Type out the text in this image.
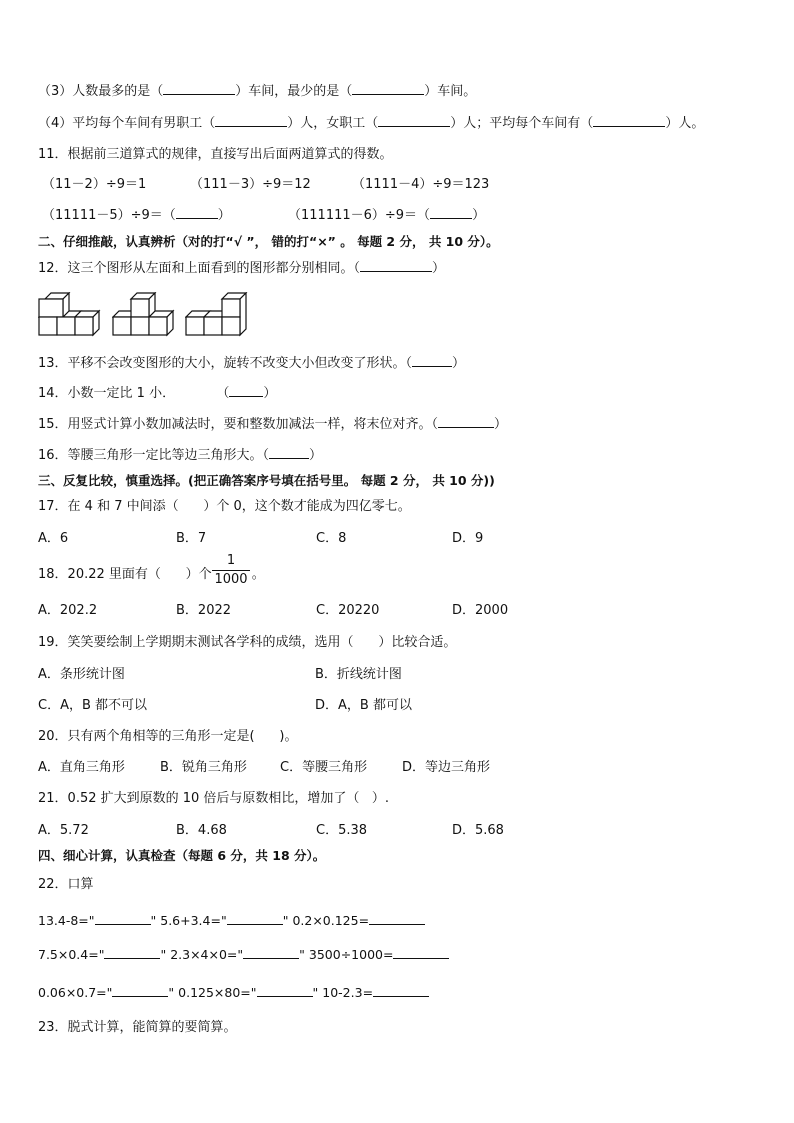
（3）人数最多的是（	）车间，最少的是（	）车间。
（4）平均每个车间有男职工（	）人，女职工（	）人；平均每个车间有（	）人。
11．根据前三道算式的规律，直接写出后面两道算式的得数。
（11－2）÷9＝1	（111－3）÷9＝12	（1111－4）÷9＝123
（11111－5）÷9＝（	）	（111111－6）÷9＝（	）
二、仔细推敲，认真辨析（对的打“√ ”， 错的打“×” 。 每题 2 分， 共 10 分）。
12．这三个图形从左面和上面看到的图形都分别相同。（	）
13．平移不会改变图形的大小，旋转不改变大小但改变了形状。（	）
14．小数一定比 1 小．          （	）
15．用竖式计算小数加减法时，要和整数加减法一样，将末位对齐。（	）
16．等腰三角形一定比等边三角形大。（	）
三、反复比较，慎重选择。(把正确答案序号填在括号里。 每题 2 分， 共 10 分))
17．在 4 和 7 中间添（      ）个 0，这个数才能成为四亿零七。
A．6	B．7	C．8	D．9
18．20.22 里面有（      ）个	。
1
1000
A．202.2	B．2022	C．20220	D．2000
19．笑笑要绘制上学期期末测试各学科的成绩，选用（      ）比较合适。
A．条形统计图	B．折线统计图
C．A，B 都不可以	D．A，B 都可以
20．只有两个角相等的三角形一定是(      )。
A．直角三角形	B．锐角三角形	C．等腰三角形	D．等边三角形
21．0.52 扩大到原数的 10 倍后与原数相比，增加了（   ）.
A．5.72	B．4.68	C．5.38	D．5.68
四、细心计算，认真检查（每题 6 分，共 18 分）。
22．口算
13.4-8="	" 5.6+3.4="	" 0.2×0.125=
7.5×0.4="	" 2.3×4×0="	" 3500÷1000=
0.06×0.7="	" 0.125×80="	" 10-2.3=
23．脱式计算，能简算的要简算。
